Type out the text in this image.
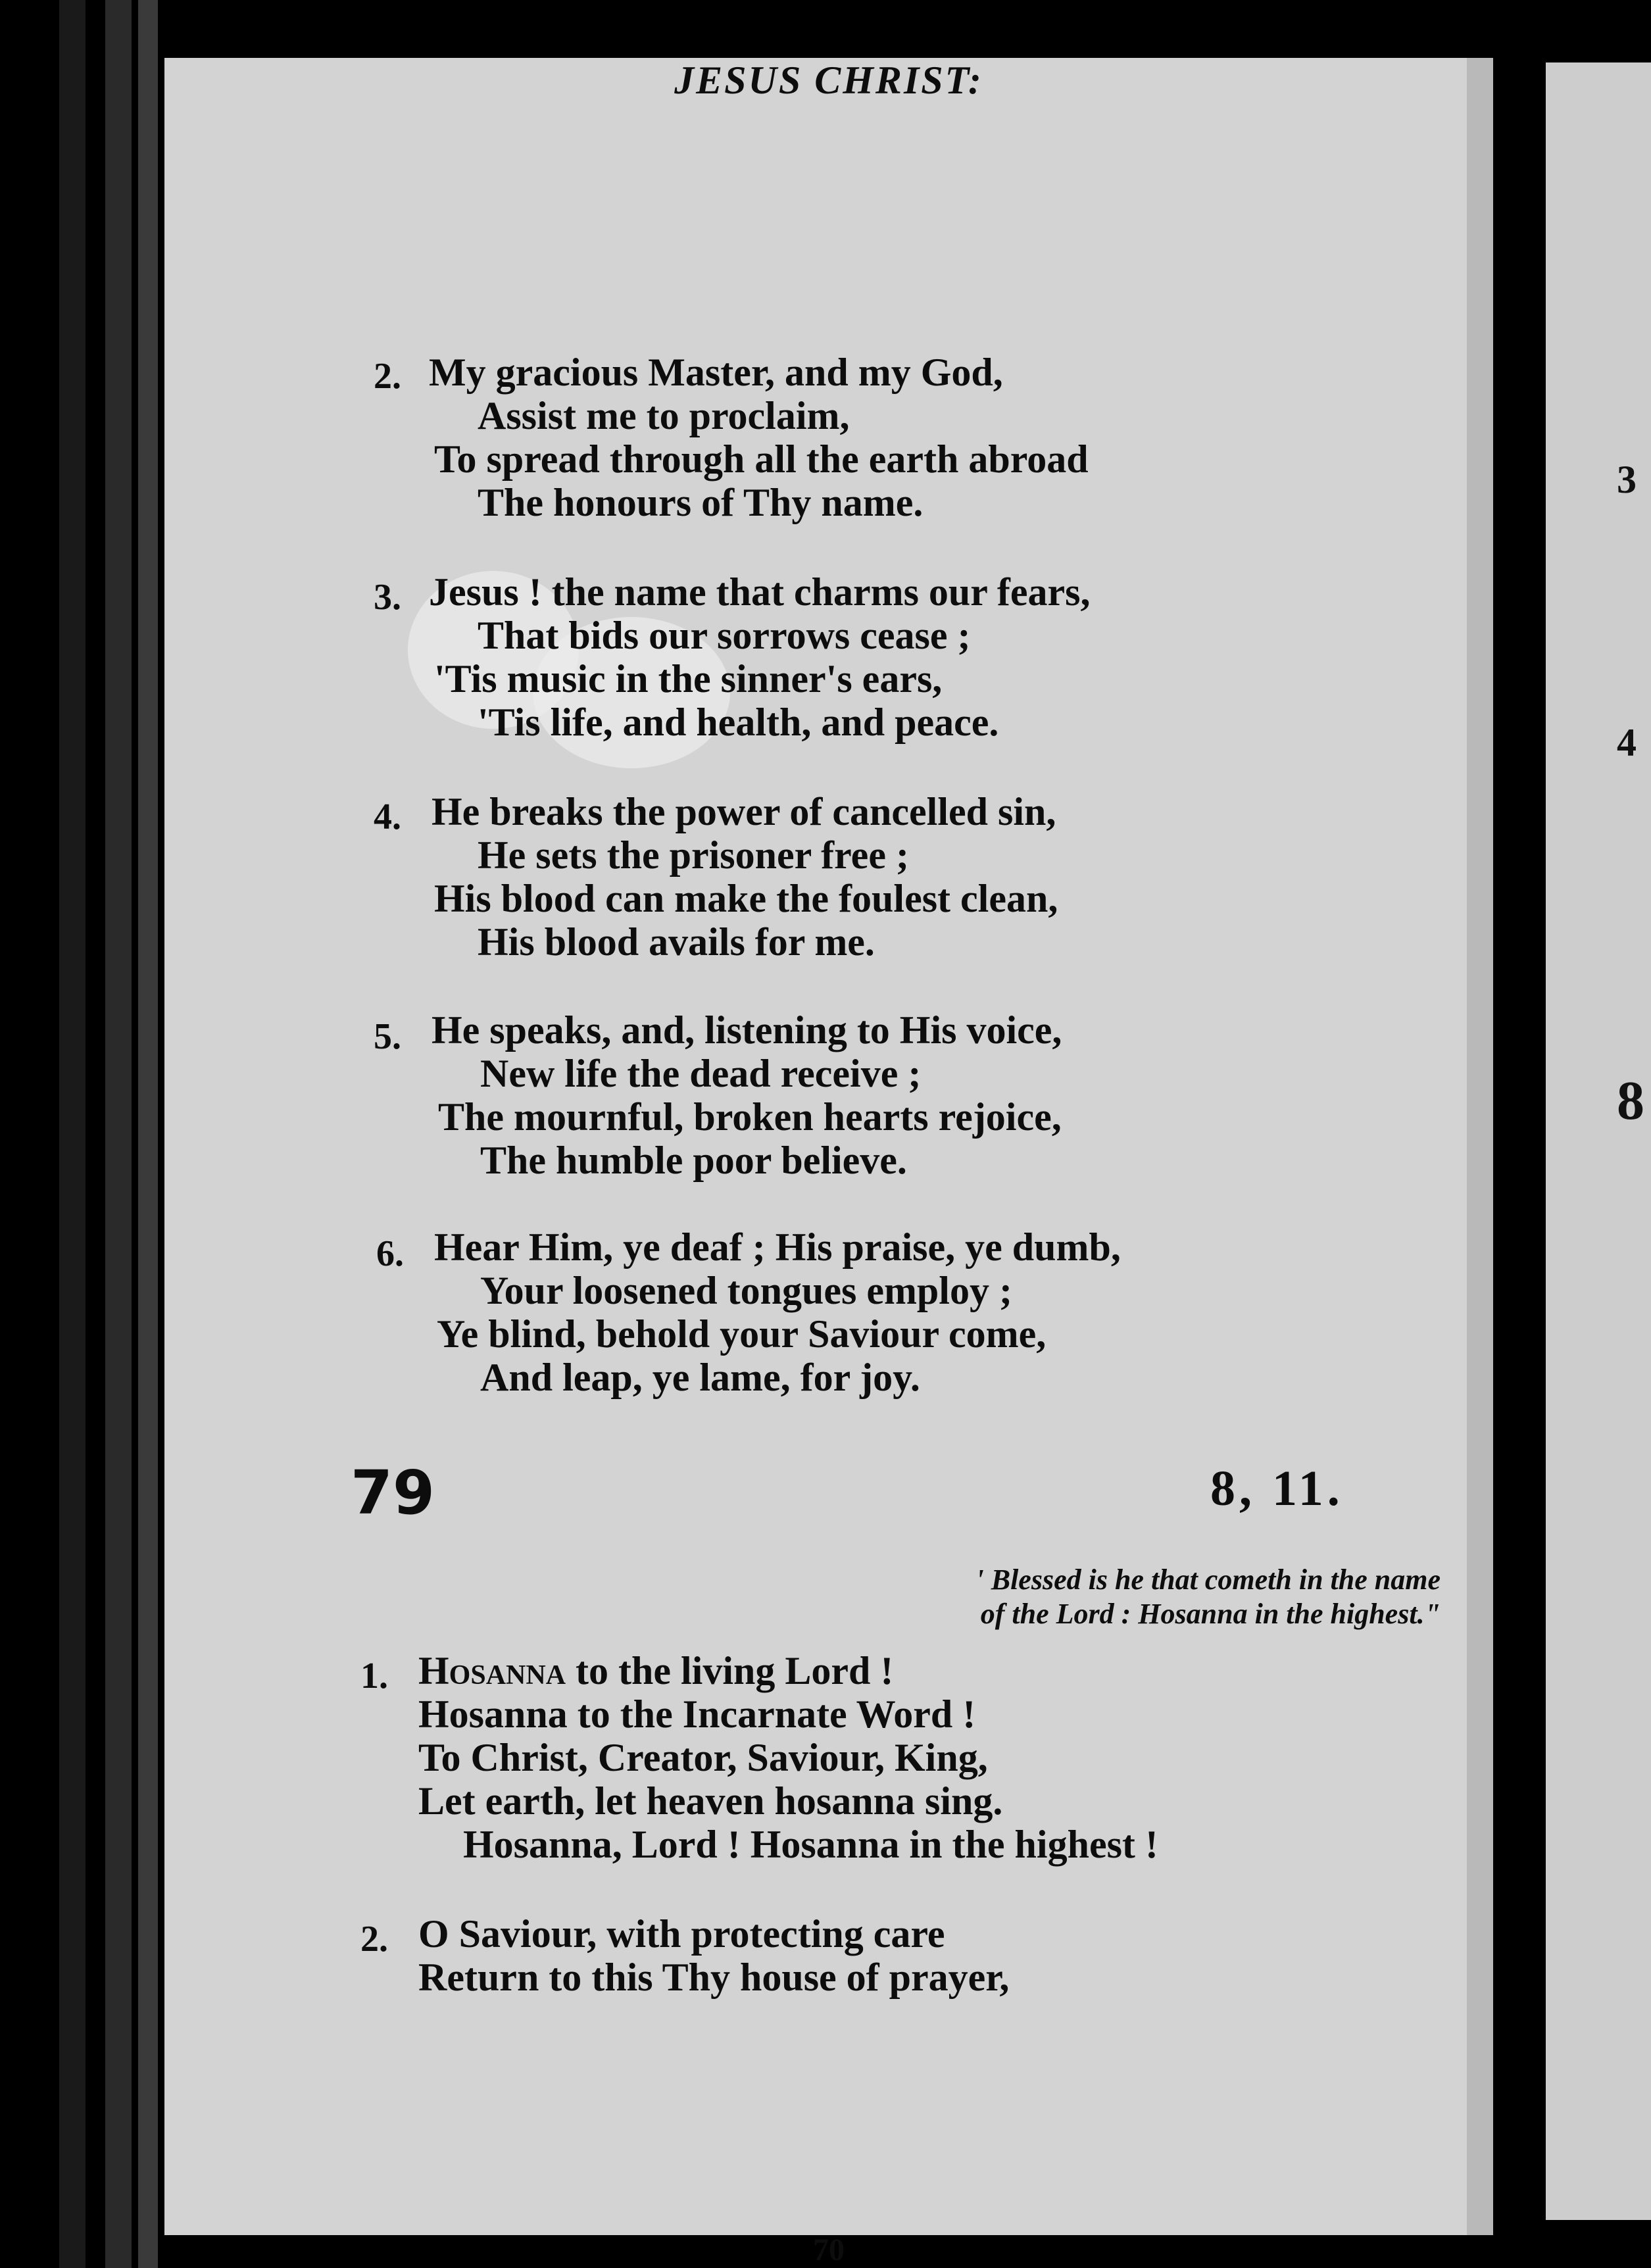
JESUS CHRIST:
2. My gracious Master, and my God,
Assist me to proclaim,
To spread through all the earth abroad
The honours of Thy name.
3. Jesus ! the name that charms our fears,
That bids our sorrows cease ;
'Tis music in the sinner's ears,
'Tis life, and health, and peace.
4. He breaks the power of cancelled sin,
He sets the prisoner free ;
His blood can make the foulest clean,
His blood avails for me.
5. He speaks, and, listening to His voice,
New life the dead receive ;
The mournful, broken hearts rejoice,
The humble poor believe.
6. Hear Him, ye deaf ; His praise, ye dumb,
Your loosened tongues employ ;
Ye blind, behold your Saviour come,
And leap, ye lame, for joy.
79	8, 11.
' Blessed is he that cometh in the name
of the Lord : Hosanna in the highest."
1. Hosanna to the living Lord !
Hosanna to the Incarnate Word !
To Christ, Creator, Saviour, King,
Let earth, let heaven hosanna sing.
Hosanna, Lord ! Hosanna in the highest !
2. O Saviour, with protecting care
Return to this Thy house of prayer,
70
8
4
3
